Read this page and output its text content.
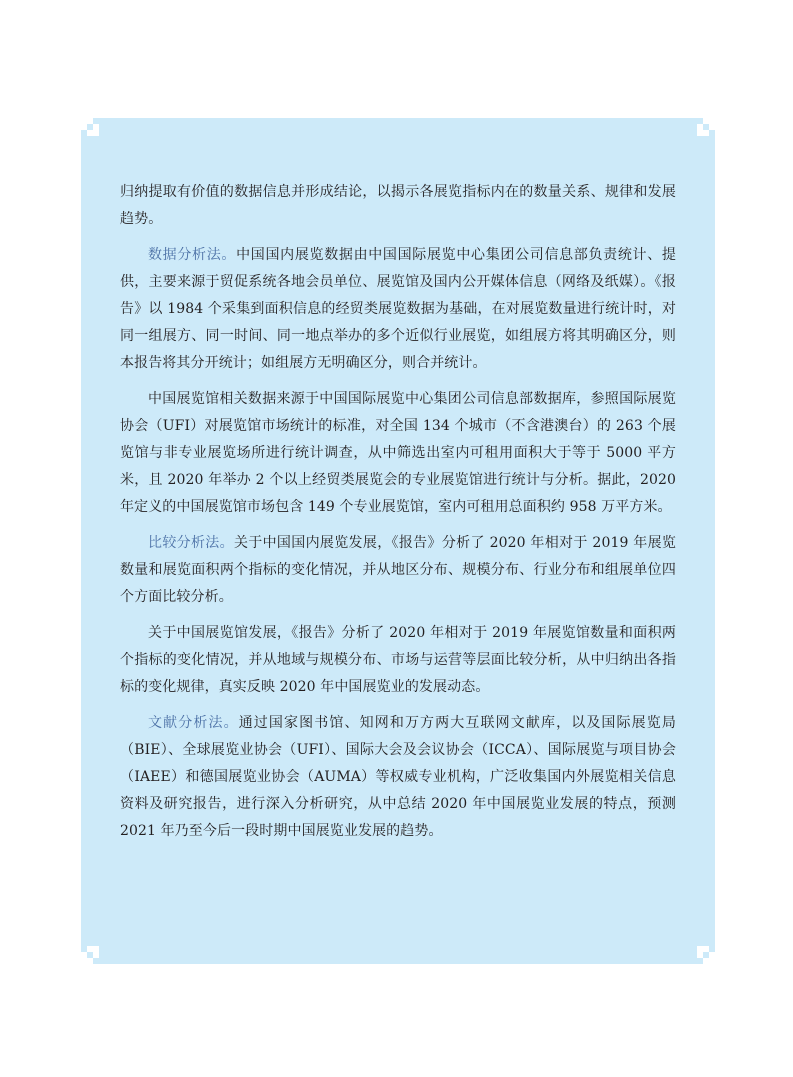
归纳提取有价值的数据信息并形成结论，以揭示各展览指标内在的数量关系、规律和发展趋势。

数据分析法。中国国内展览数据由中国国际展览中心集团公司信息部负责统计、提供，主要来源于贸促系统各地会员单位、展览馆及国内公开媒体信息（网络及纸媒）。《报告》以 1984 个采集到面积信息的经贸类展览数据为基础，在对展览数量进行统计时，对同一组展方、同一时间、同一地点举办的多个近似行业展览，如组展方将其明确区分，则本报告将其分开统计；如组展方无明确区分，则合并统计。

中国展览馆相关数据来源于中国国际展览中心集团公司信息部数据库，参照国际展览协会（UFI）对展览馆市场统计的标准，对全国 134 个城市（不含港澳台）的 263 个展览馆与非专业展览场所进行统计调查，从中筛选出室内可租用面积大于等于 5000 平方米，且 2020 年举办 2 个以上经贸类展览会的专业展览馆进行统计与分析。据此，2020 年定义的中国展览馆市场包含 149 个专业展览馆，室内可租用总面积约 958 万平方米。

比较分析法。关于中国国内展览发展，《报告》分析了 2020 年相对于 2019 年展览数量和展览面积两个指标的变化情况，并从地区分布、规模分布、行业分布和组展单位四个方面比较分析。

关于中国展览馆发展，《报告》分析了 2020 年相对于 2019 年展览馆数量和面积两个指标的变化情况，并从地域与规模分布、市场与运营等层面比较分析，从中归纳出各指标的变化规律，真实反映 2020 年中国展览业的发展动态。

文献分析法。通过国家图书馆、知网和万方两大互联网文献库，以及国际展览局（BIE）、全球展览业协会（UFI）、国际大会及会议协会（ICCA）、国际展览与项目协会（IAEE）和德国展览业协会（AUMA）等权威专业机构，广泛收集国内外展览相关信息资料及研究报告，进行深入分析研究，从中总结 2020 年中国展览业发展的特点，预测 2021 年乃至今后一段时期中国展览业发展的趋势。
